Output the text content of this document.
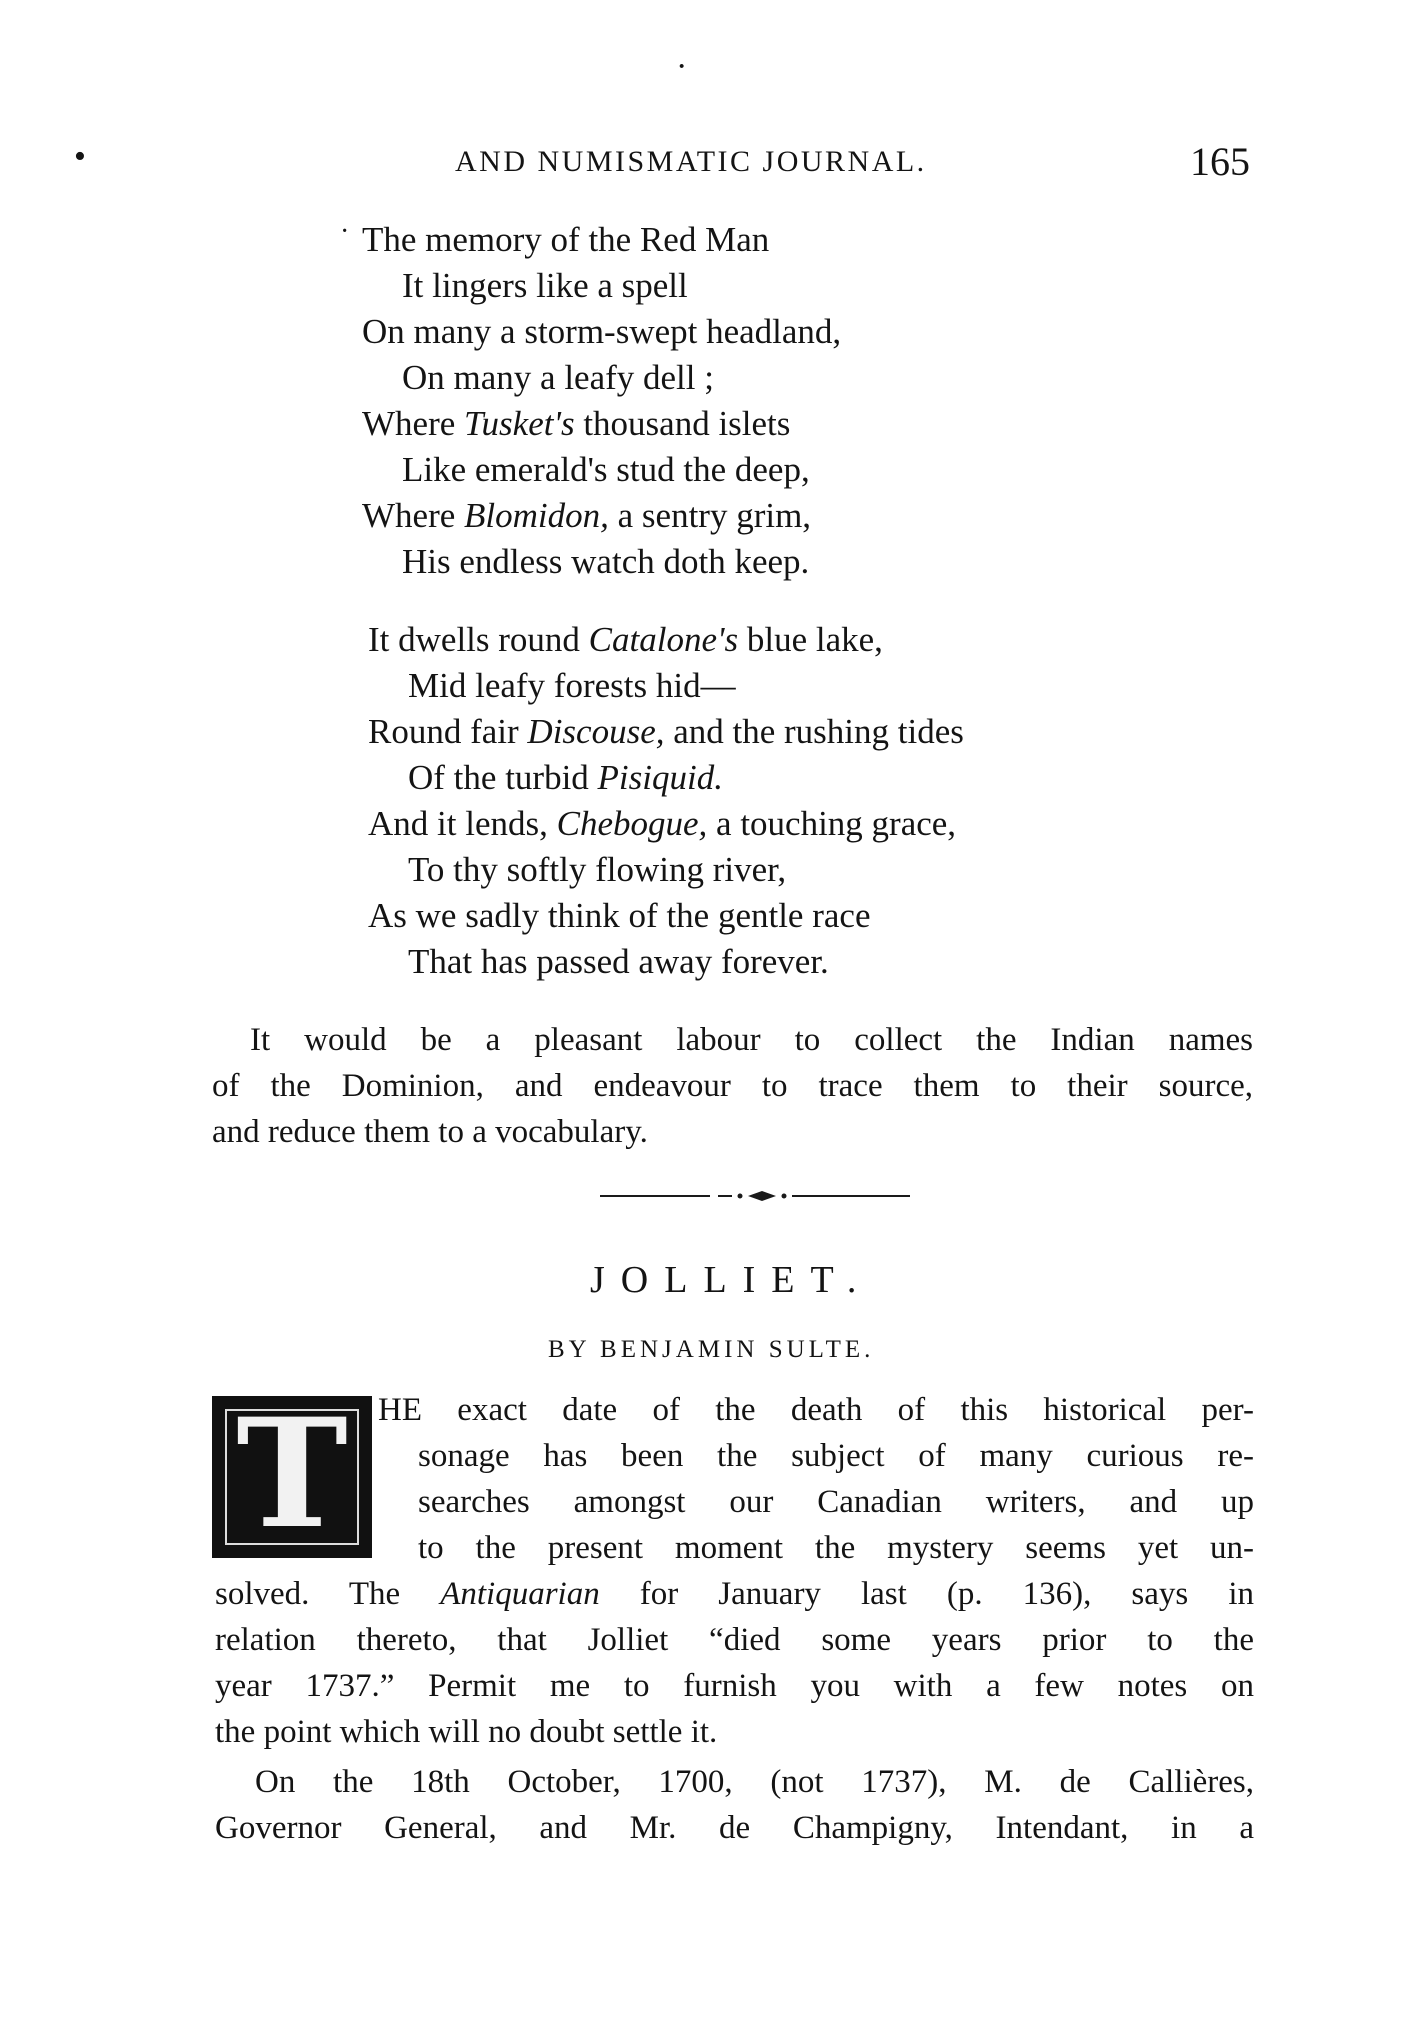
·
•	AND NUMISMATIC JOURNAL.	165
· The memory of the Red Man
It lingers like a spell
On many a storm-swept headland,
On many a leafy dell ;
Where Tusket's thousand islets
Like emerald's stud the deep,
Where Blomidon, a sentry grim,
His endless watch doth keep.
It dwells round Catalone's blue lake,
Mid leafy forests hid—
Round fair Discouse, and the rushing tides
Of the turbid Pisiquid.
And it lends, Chebogue, a touching grace,
To thy softly flowing river,
As we sadly think of the gentle race
That has passed away forever.
It would be a pleasant labour to collect the Indian names
of the Dominion, and endeavour to trace them to their source,
and reduce them to a vocabulary.
JOLLIET.
BY BENJAMIN SULTE.
T HE exact date of the death of this historical per-
sonage has been the subject of many curious re-
searches amongst our Canadian writers, and up
to the present moment the mystery seems yet un-
solved. The Antiquarian for January last (p. 136), says in
relation thereto, that Jolliet “died some years prior to the
year 1737.” Permit me to furnish you with a few notes on
the point which will no doubt settle it.
On the 18th October, 1700, (not 1737), M. de Callières,
Governor General, and Mr. de Champigny, Intendant, in a
